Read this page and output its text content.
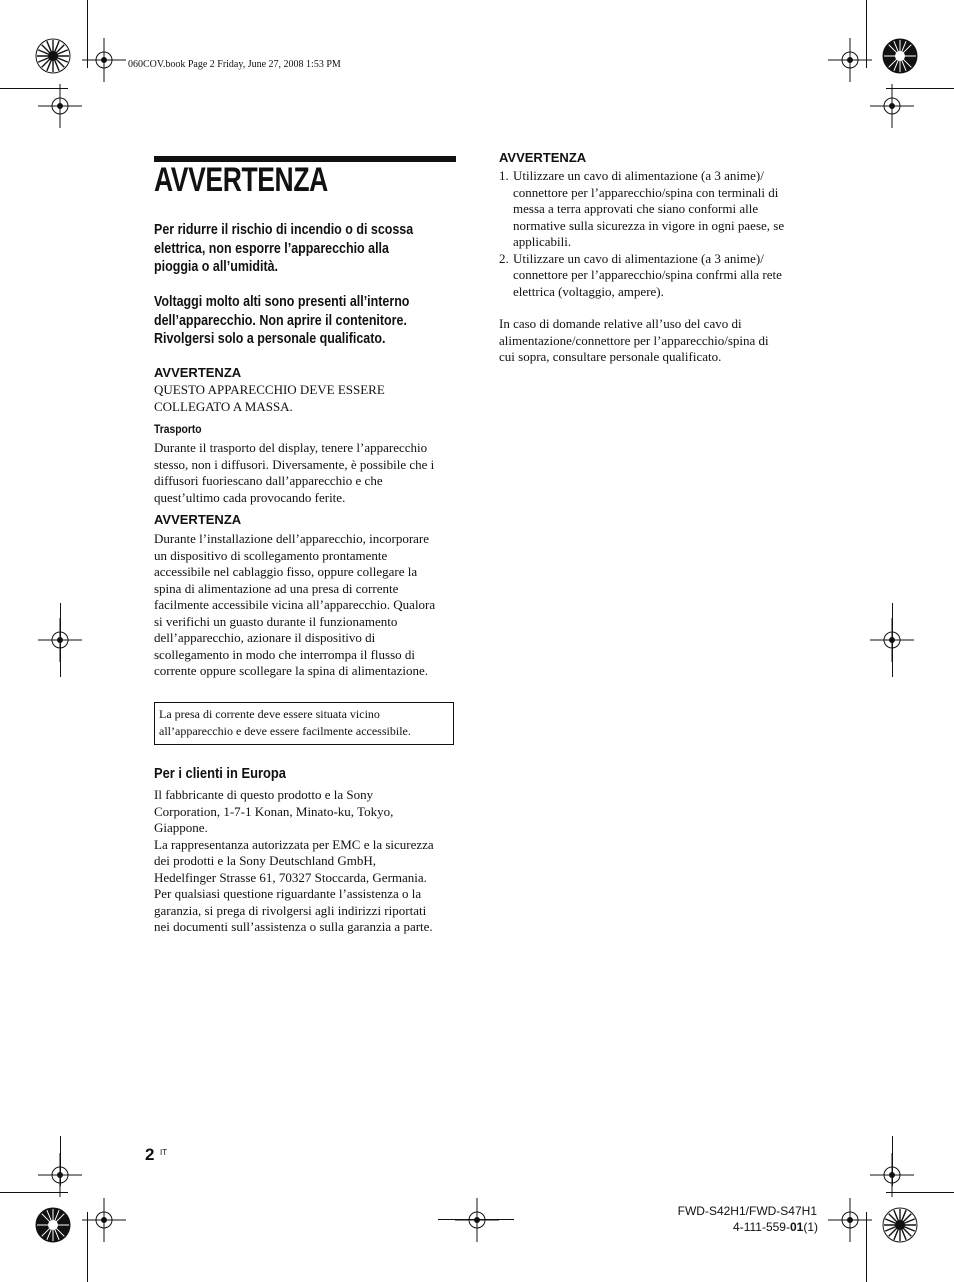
060COV.book Page 2 Friday, June 27, 2008 1:53 PM
AVVERTENZA
Per ridurre il rischio di incendio o di scossa
elettrica, non esporre l’apparecchio alla
pioggia o all’umidità.
Voltaggi molto alti sono presenti all’interno
dell’apparecchio. Non aprire il contenitore.
Rivolgersi solo a personale qualificato.
AVVERTENZA
QUESTO APPARECCHIO DEVE ESSERE
COLLEGATO A MASSA.
Trasporto
Durante il trasporto del display, tenere l’apparecchio
stesso, non i diffusori. Diversamente, è possibile che i
diffusori fuoriescano dall’apparecchio e che
quest’ultimo cada provocando ferite.
AVVERTENZA
Durante l’installazione dell’apparecchio, incorporare
un dispositivo di scollegamento prontamente
accessibile nel cablaggio fisso, oppure collegare la
spina di alimentazione ad una presa di corrente
facilmente accessibile vicina all’apparecchio. Qualora
si verifichi un guasto durante il funzionamento
dell’apparecchio, azionare il dispositivo di
scollegamento in modo che interrompa il flusso di
corrente oppure scollegare la spina di alimentazione.
La presa di corrente deve essere situata vicino
all’apparecchio e deve essere facilmente accessibile.
Per i clienti in Europa
Il fabbricante di questo prodotto e la Sony
Corporation, 1-7-1 Konan, Minato-ku, Tokyo,
Giappone.
La rappresentanza autorizzata per EMC e la sicurezza
dei prodotti e la Sony Deutschland GmbH,
Hedelfinger Strasse 61, 70327 Stoccarda, Germania.
Per qualsiasi questione riguardante l’assistenza o la
garanzia, si prega di rivolgersi agli indirizzi riportati
nei documenti sull’assistenza o sulla garanzia a parte.
AVVERTENZA
1. Utilizzare un cavo di alimentazione (a 3 anime)/
connettore per l’apparecchio/spina con terminali di
messa a terra approvati che siano conformi alle
normative sulla sicurezza in vigore in ogni paese, se
applicabili.
2. Utilizzare un cavo di alimentazione (a 3 anime)/
connettore per l’apparecchio/spina confrmi alla rete
elettrica (voltaggio, ampere).
In caso di domande relative all’uso del cavo di
alimentazione/connettore per l’apparecchio/spina di
cui sopra, consultare personale qualificato.
2 IT
FWD-S42H1/FWD-S47H1
4-111-559-01(1)
